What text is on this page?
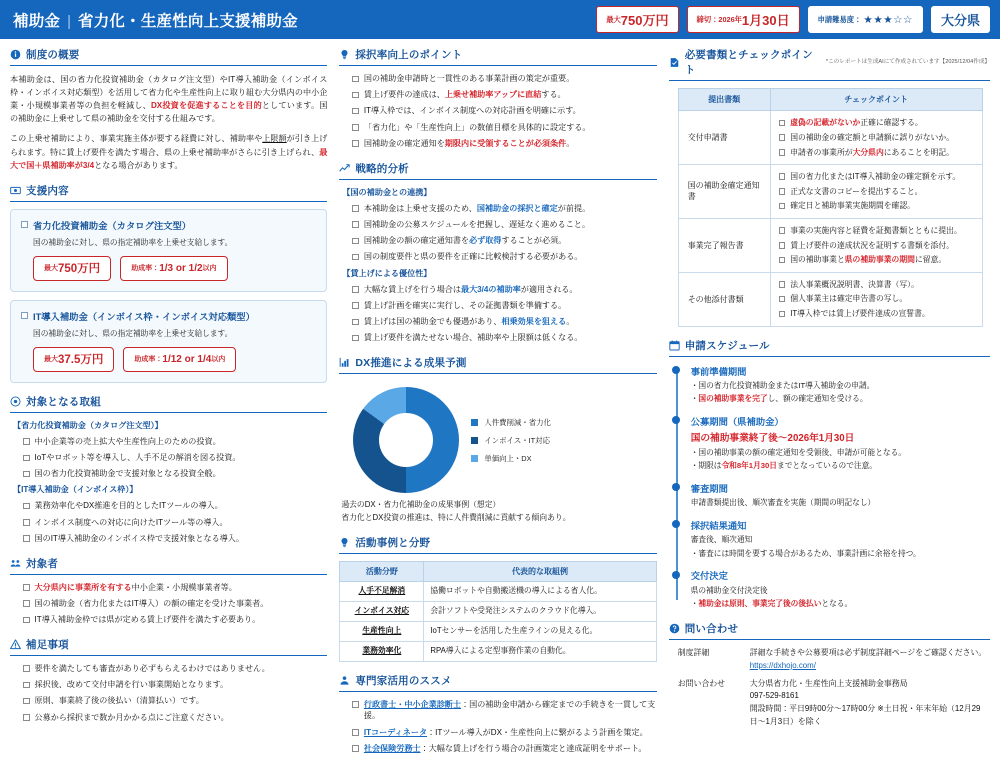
補助金 | 省力化・生産性向上支援補助金	最大 750万円	締切： 2026年 1月30日	申請難易度： ★★★☆☆ 大分県
制度の概要

本補助金は、国の省力化投資補助金（カタログ注文型）やIT導入補助金（インボイス枠・インボイス対応類型）を活用して省力化や生産性向上に取り組む大分県内の中小企業・小規模事業者等の負担を軽減し、DX投資を促進することを目的としています。国の補助金に上乗せして県の補助金を交付する仕組みです。

この上乗せ補助により、事業実施主体が要する経費に対し、補助率や上限額が引き上げられます。特に賃上げ要件を満たす場合、県の上乗せ補助率がさらに引き上げられ、最大で国＋県補助率が3/4となる場合があります。

支援内容
省力化投資補助金（カタログ注文型）
国の補助金に対し、県の指定補助率を上乗せ支給します。
最大 750万円	助成率： 1/3 or 1/2 以内
IT導入補助金（インボイス枠・インボイス対応類型）
国の補助金に対し、県の指定補助率を上乗せ支給します。
最大 37.5万円	助成率： 1/12 or 1/4 以内
対象となる取組
【省力化投資補助金（カタログ注文型）】
中小企業等の売上拡大や生産性向上のための投資。
IoTやロボット等を導入し、人手不足の解消を図る投資。
国の省力化投資補助金で支援対象となる投資全般。
【IT導入補助金（インボイス枠）】
業務効率化やDX推進を目的としたITツールの導入。
インボイス制度への対応に向けたITツール等の導入。
国のIT導入補助金のインボイス枠で支援対象となる導入。
対象者
大分県内に事業所を有する中小企業・小規模事業者等。
国の補助金（省力化またはIT導入）の額の確定を受けた事業者。
IT導入補助金枠では県が定める賃上げ要件を満たす必要あり。
補足事項
要件を満たしても審査があり必ずもらえるわけではありません。
採択後、改めて交付申請を行い事業開始となります。
原則、事業終了後の後払い（清算払い）です。
公募から採択まで数か月かかる点にご注意ください。
採択率向上のポイント
国の補助金申請時と一貫性のある事業計画の策定が重要。
賃上げ要件の達成は、上乗せ補助率アップに直結する。
IT導入枠では、インボイス制度への対応計画を明確に示す。
「省力化」や「生産性向上」の数値目標を具体的に設定する。
国補助金の確定通知を期限内に受領することが必須条件。
戦略的分析
【国の補助金との連携】
本補助金は上乗せ支援のため、国補助金の採択と確定が前提。
国補助金の公募スケジュールを把握し、遅延なく進めること。
国補助金の額の確定通知書を必ず取得することが必須。
国の制度要件と県の要件を正確に比較検討する必要がある。
【賃上げによる優位性】
大幅な賃上げを行う場合は最大3/4の補助率が適用される。
賃上げ計画を確実に実行し、その証拠書類を準備する。
賃上げは国の補助金でも優遇があり、相乗効果を狙える。
賃上げ要件を満たせない場合、補助率や上限額は低くなる。
DX推進による成果予測
人件費削減・省力化
インボイス・IT対応
単価向上・DX
過去のDX・省力化補助金の成果事例（想定）
省力化とDX投資の推進は、特に人件費削減に貢献する傾向あり。
活動事例と分野
活動分野	代表的な取組例
人手不足解消	協働ロボットや自動搬送機の導入による省人化。
インボイス対応	会計ソフトや受発注システムのクラウド化導入。
生産性向上	IoTセンサーを活用した生産ラインの見える化。
業務効率化	RPA導入による定型事務作業の自動化。
専門家活用のススメ
行政書士・中小企業診断士：国の補助金申請から確定までの手続きを一貫して支援。
ITコーディネータ：ITツール導入がDX・生産性向上に繋がるよう計画を策定。
社会保険労務士：大幅な賃上げを行う場合の計画策定と達成証明をサポート。
必要書類とチェックポイント
*このレポートは生成AIにて作成されています【2025/12/04作成】
提出書類	チェックポイント
交付申請書	
虚偽の記載がないか正確に確認する。
国の補助金の確定額と申請額に誤りがないか。
申請者の事業所が大分県内にあることを明記。

国の補助金確定通知書	
国の省力化またはIT導入補助金の確定額を示す。
正式な文書のコピーを提出すること。
確定日と補助事業実施期間を確認。

事業完了報告書	
事業の実施内容と経費を証拠書類とともに提出。
賃上げ要件の達成状況を証明する書類を添付。
国の補助事業と県の補助事業の期間に留意。

その他添付書類	
法人事業概況説明書、決算書（写）。
個人事業主は確定申告書の写し。
IT導入枠では賃上げ要件達成の宣誓書。
申請スケジュール
事前準備期間
・国の省力化投資補助金またはIT導入補助金の申請。
・国の補助事業を完了し、額の確定通知を受ける。
公募期間（県補助金）
国の補助事業終了後～2026年1月30日
・国の補助事業の額の確定通知を受領後、申請が可能となる。
・期限は令和8年1月30日までとなっているので注意。
審査期間
申請書類提出後、順次審査を実施（期間の明記なし）
採択結果通知
審査後、順次通知
・審査には時間を要する場合があるため、事業計画に余裕を持つ。
交付決定
県の補助金交付決定後
・補助金は原則、事業完了後の後払いとなる。
問い合わせ
制度詳細	詳細な手続きや公募要項は必ず制度詳細ページをご確認ください。
https://dxhojo.com/
お問い合わせ	大分県省力化・生産性向上支援補助金事務局
097-529-8161
開設時間：平日9時00分〜17時00分 ※土日祝・年末年始（12月29日〜1月3日）を除く
